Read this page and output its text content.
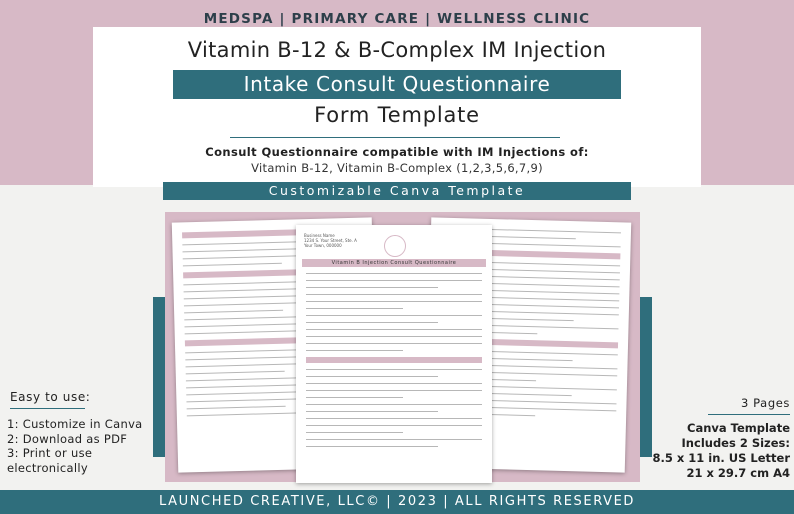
MEDSPA | PRIMARY CARE | WELLNESS CLINIC
Vitamin B-12 & B-Complex IM Injection
Intake Consult Questionnaire
Form Template
Consult Questionnaire compatible with IM Injections of:
Vitamin B-12, Vitamin B-Complex (1,2,3,5,6,7,9)
Customizable Canva Template
Business Name
1234 S. Your Street, Ste. A
Your Town, 000000
Vitamin B Injection Consult Questionnaire
Easy to use:
1: Customize in Canva
2: Download as PDF
3: Print or use
electronically
3 Pages
Canva Template
Includes 2 Sizes:
8.5 x 11 in. US Letter
21 x 29.7 cm A4
LAUNCHED CREATIVE, LLC© | 2023 | ALL RIGHTS RESERVED
